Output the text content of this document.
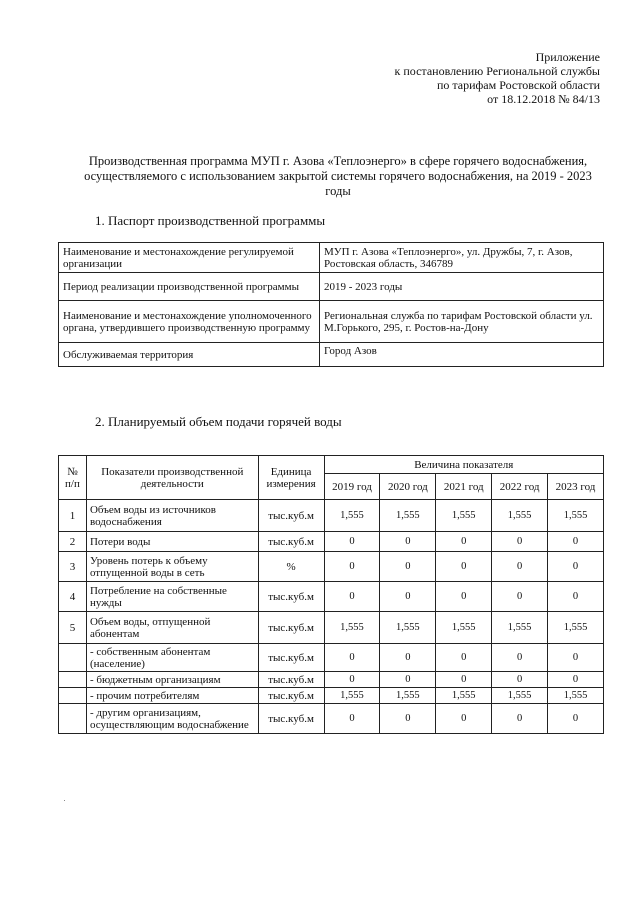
Приложение
к постановлению Региональной службы
по тарифам Ростовской области
от 18.12.2018 № 84/13
Производственная программа МУП г. Азова «Теплоэнерго» в сфере горячего водоснабжения,
осуществляемого с использованием закрытой системы горячего водоснабжения, на 2019 - 2023
годы
1. Паспорт производственной программы
Наименование и местонахождение регулируемой организации	МУП г. Азова «Теплоэнерго», ул. Дружбы, 7, г. Азов, Ростовская область, 346789
Период реализации производственной программы	2019 - 2023 годы
Наименование и местонахождение уполномоченного органа, утвердившего производственную программу	Региональная служба по тарифам Ростовской области ул. М.Горького, 295, г. Ростов-на-Дону
Обслуживаемая территория	Город Азов
2. Планируемый объем подачи горячей воды
№ п/п	Показатели производственной деятельности	Единица измерения	Величина показателя				
			2019 год	2020 год	2021 год	2022 год	2023 год
1	Объем воды из источников водоснабжения	тыс.куб.м	1,555	1,555	1,555	1,555	1,555
2	Потери воды	тыс.куб.м	0	0	0	0	0
3	Уровень потерь к объему отпущенной воды в сеть	%	0	0	0	0	0
4	Потребление на собственные нужды	тыс.куб.м	0	0	0	0	0
5	Объем воды, отпущенной абонентам	тыс.куб.м	1,555	1,555	1,555	1,555	1,555
	- собственным абонентам (население)	тыс.куб.м	0	0	0	0	0
	- бюджетным организациям	тыс.куб.м	0	0	0	0	0
	- прочим потребителям	тыс.куб.м	1,555	1,555	1,555	1,555	1,555
	- другим организациям, осуществляющим водоснабжение	тыс.куб.м	0	0	0	0	0
